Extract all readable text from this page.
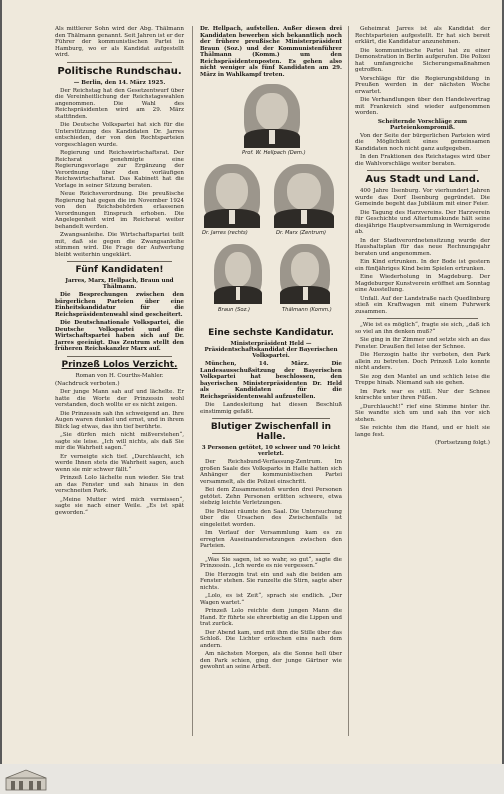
Als mittlerer Sohn wird der Abg. Thälmann den Thälmann genannt. Seit Jahren ist er der Führer der kommunistischen Partei in Hamburg, wo er als Kandidat aufgestellt wird.

Politische Rundschau.
— Berlin, den 14. März 1925.

Der Reichstag hat den Gesetzentwurf über die Vereinheitlichung der Reichstagswahlen angenommen. Die Wahl des Reichspräsidenten wird am 29. März stattfinden.

Die Deutsche Volkspartei hat sich für die Unterstützung des Kandidaten Dr. Jarres entschieden, der von den Rechtsparteien vorgeschlagen wurde.

Regierung und Reichswirtschaftsrat. Der Reichsrat genehmigte eine Regierungsvorlage zur Ergänzung der Verordnung über den vorläufigen Reichswirtschaftsrat. Das Kabinett hat die Vorlage in seiner Sitzung beraten.

Neue Reichsverordnung. Die preußische Regierung hat gegen die im November 1924 von den Reichsbehörden erlassenen Verordnungen Einspruch erhoben. Die Angelegenheit wird im Reichsrat weiter behandelt werden.

Zwangsanleihe. Die Wirtschaftspartei teilt mit, daß sie gegen die Zwangsanleihe stimmen wird. Die Frage der Aufwertung bleibt weiterhin ungeklärt.

Fünf Kandidaten!
Jarres, Marx, Hellpach, Braun und Thälmann.

Die Besprechungen zwischen den bürgerlichen Parteien über eine Einheitskandidatur für die Reichspräsidentenwahl sind gescheitert.

Die Deutschnationale Volkspartei, die Deutsche Volkspartei und die Wirtschaftspartei haben sich auf Dr. Jarres geeinigt. Das Zentrum stellt den früheren Reichskanzler Marx auf.

Prinzeß Lolos Verzicht.
Roman von H. Courths-Mahler.

(Nachdruck verboten.)

Der junge Mann sah auf und lächelte. Er hatte die Worte der Prinzessin wohl verstanden, doch wollte er es nicht zeigen.

Die Prinzessin sah ihn schweigend an. Ihre Augen waren dunkel und ernst, und in ihrem Blick lag etwas, das ihn tief berührte.

„Sie dürfen mich nicht mißverstehen“, sagte sie leise. „Ich will nichts, als daß Sie mir die Wahrheit sagen.“

Er verneigte sich tief. „Durchlaucht, ich werde Ihnen stets die Wahrheit sagen, auch wenn sie mir schwer fällt.“

Prinzeß Lolo lächelte nun wieder. Sie trat an das Fenster und sah hinaus in den verschneiten Park.

„Meine Mutter wird mich vermissen“, sagte sie nach einer Weile. „Es ist spät geworden.“

Dr. Hellpach, aufstellen. Außer diesen drei Kandidaten bewerben sich bekanntlich noch der frühere preußische Ministerpräsident Braun (Soz.) und der Kommunistenführer Thälmann (Komm.) um den Reichspräsidentenposten. Es gehen also nicht weniger als fünf Kandidaten am 29. März in Wahlkampf treten.

Prof. W. Hellpach (Dem.)
Dr. Jarres (rechts)	Dr. Marx (Zentrum)
Braun (Soz.)	Thälmann (Komm.)
Eine sechste Kandidatur.
Ministerpräsident Held — Präsidentschaftskandidat der Bayerischen Volkspartei.

München, 14. März. Die Landesausschußsitzung der Bayerischen Volkspartei hat beschlossen, den bayerischen Ministerpräsidenten Dr. Held als Kandidaten für die Reichspräsidentenwahl aufzustellen.

Die Landesleitung hat diesen Beschluß einstimmig gefaßt.

Blutiger Zwischenfall in Halle.
3 Personen getötet, 10 schwer und 70 leicht verletzt.

Der Reichsbund-Verfassung-Zentrum. Im großen Saale des Volksparks in Halle hatten sich Anhänger der kommunistischen Partei versammelt, als die Polizei einschritt.

Bei dem Zusammenstoß wurden drei Personen getötet. Zehn Personen erlitten schwere, etwa siebzig leichte Verletzungen.

Die Polizei räumte den Saal. Die Untersuchung über die Ursachen des Zwischenfalls ist eingeleitet worden.

Im Verlauf der Versammlung kam es zu erregten Auseinandersetzungen zwischen den Parteien.

„Was Sie sagen, ist so wahr, so gut“, sagte die Prinzessin. „Ich werde es nie vergessen.“

Die Herzogin trat ein und sah die beiden am Fenster stehen. Sie runzelte die Stirn, sagte aber nichts.

„Lolo, es ist Zeit“, sprach sie endlich. „Der Wagen wartet.“

Prinzeß Lolo reichte dem jungen Mann die Hand. Er führte sie ehrerbietig an die Lippen und trat zurück.

Der Abend kam, und mit ihm die Stille über das Schloß. Die Lichter erloschen eins nach dem andern.

Am nächsten Morgen, als die Sonne hell über den Park schien, ging der junge Gärtner wie gewohnt an seine Arbeit.

Geheimrat Jarres ist als Kandidat der Rechtsparteien aufgestellt. Er hat sich bereit erklärt, die Kandidatur anzunehmen.

Die kommunistische Partei hat zu einer Demonstration in Berlin aufgerufen. Die Polizei hat umfangreiche Sicherungsmaßnahmen getroffen.

Vorschläge für die Regierungsbildung in Preußen werden in der nächsten Woche erwartet.

Die Verhandlungen über den Handelsvertrag mit Frankreich sind wieder aufgenommen worden.

Scheiternde Vorschläge zum Parteienkompromiß.

Von der Seite der bürgerlichen Parteien wird die Möglichkeit eines gemeinsamen Kandidaten noch nicht ganz aufgegeben.

In den Fraktionen des Reichstages wird über die Wahlvorschläge weiter beraten.

Aus Stadt und Land.

400 Jahre Ilsenburg. Vor vierhundert Jahren wurde das Dorf Ilsenburg gegründet. Die Gemeinde begeht das Jubiläum mit einer Feier.

Die Tagung des Harzvereins. Der Harzverein für Geschichte und Altertumskunde hält seine diesjährige Hauptversammlung in Wernigerode ab.

In der Stadtverordnetensitzung wurde der Haushaltsplan für das neue Rechnungsjahr beraten und angenommen.

Ein Kind ertrunken. In der Bode ist gestern ein fünfjähriges Kind beim Spielen ertrunken.

Eine Wiederholung in Magdeburg. Der Magdeburger Kunstverein eröffnet am Sonntag eine Ausstellung.

Unfall. Auf der Landstraße nach Quedlinburg stieß ein Kraftwagen mit einem Fuhrwerk zusammen.

„Wie ist es möglich“, fragte sie sich, „daß ich so viel an ihn denken muß?“

Sie ging in ihr Zimmer und setzte sich an das Fenster. Draußen fiel leise der Schnee.

Die Herzogin hatte ihr verboten, den Park allein zu betreten. Doch Prinzeß Lolo konnte nicht anders.

Sie zog den Mantel an und schlich leise die Treppe hinab. Niemand sah sie gehen.

Im Park war es still. Nur der Schnee knirschte unter ihren Füßen.

„Durchlaucht!“ rief eine Stimme hinter ihr. Sie wandte sich um und sah ihn vor sich stehen.

Sie reichte ihm die Hand, und er hielt sie lange fest.

(Fortsetzung folgt.)
